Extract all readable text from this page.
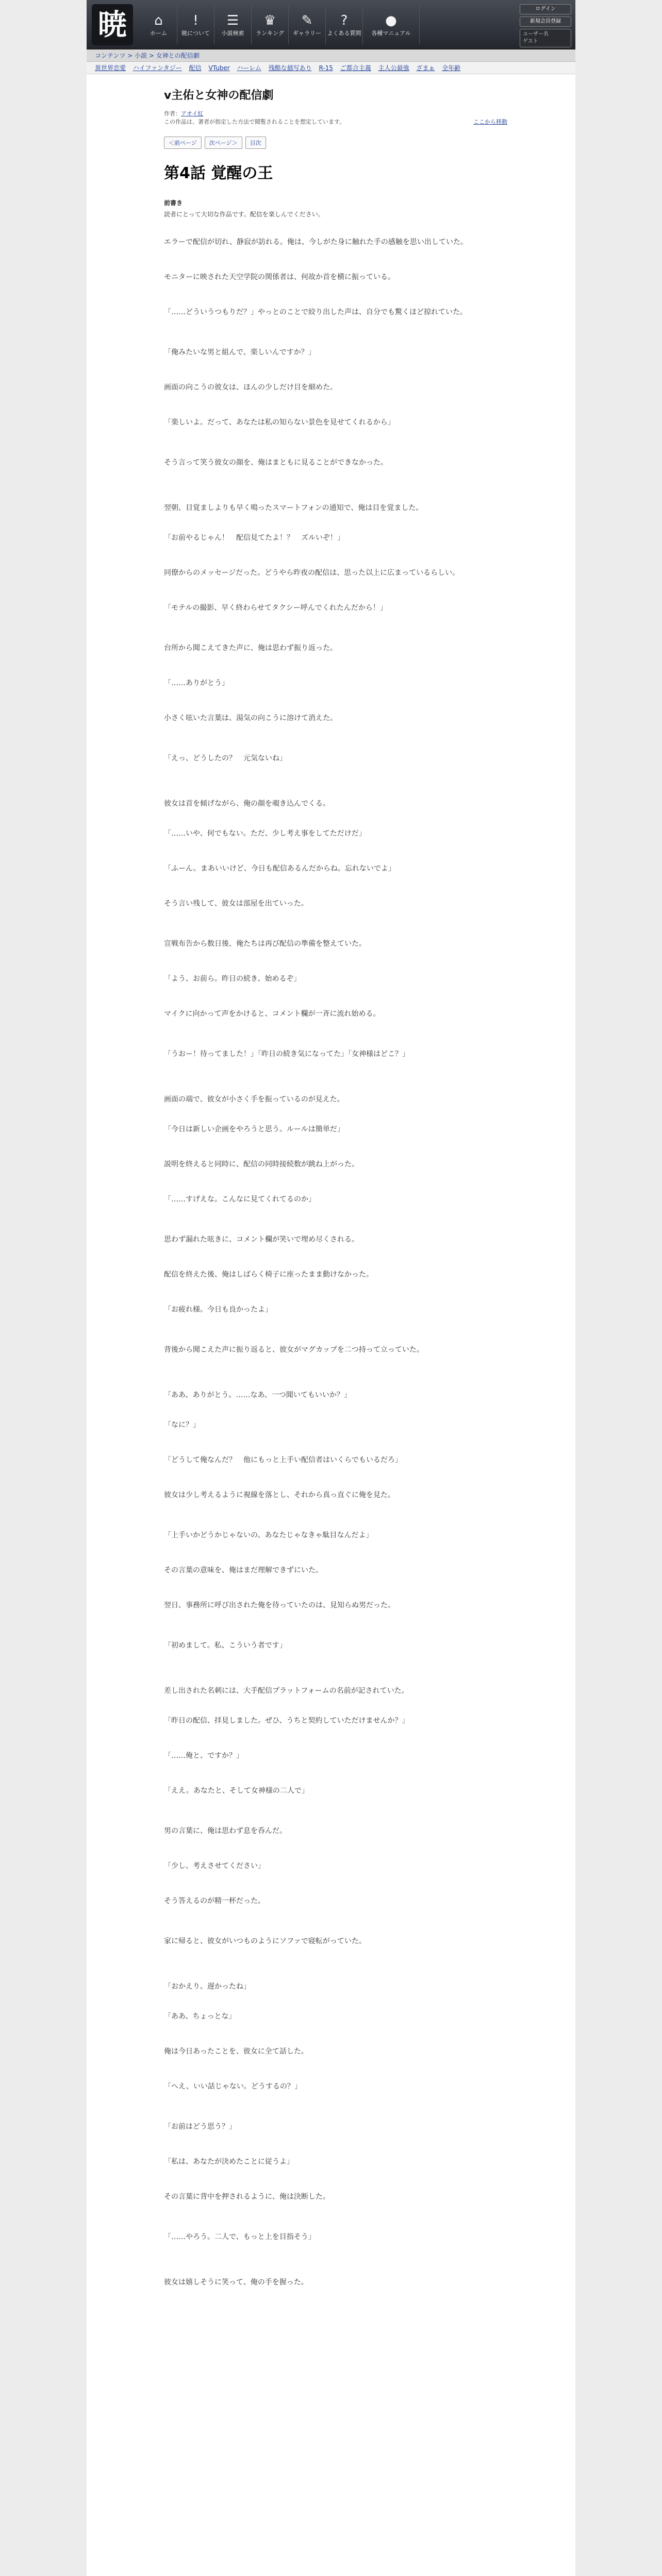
暁	⌂
ホーム
!
暁について
☰
小説検索
♛
ランキング
✎
ギャラリー
?
よくある質問
●
各種マニュアル
ログイン
新規会員登録
ユーザー名
ゲスト
コンテンツ > 小説 > 女神との配信劇
異世界恋愛 ハイファンタジー 配信 VTuber ハーレム 残酷な描写あり R-15 ご都合主義 主人公最強 ざまぁ 全年齢
ⅴ主佑と女神の配信劇
作者：アオイ紅
この作品は、著者が指定した方法で閲覧されることを想定しています。	ここから移動
＜前ページ	次ページ＞	目次
第4話 覚醒の王
前書き
読者にとって大切な作品です。配信を楽しんでください。
エラーで配信が切れ、静寂が訪れる。俺は、今しがた身に触れた手の感触を思い出していた。
モニターに映された天空学院の関係者は、何故か首を横に振っている。
「……どういうつもりだ？」やっとのことで絞り出した声は、自分でも驚くほど掠れていた。
「俺みたいな男と組んで、楽しいんですか？」
画面の向こうの彼女は、ほんの少しだけ目を細めた。
「楽しいよ。だって、あなたは私の知らない景色を見せてくれるから」
そう言って笑う彼女の顔を、俺はまともに見ることができなかった。
翌朝、目覚ましよりも早く鳴ったスマートフォンの通知で、俺は目を覚ました。
「お前やるじゃん！　配信見てたよ！？　ズルいぞ！」
同僚からのメッセージだった。どうやら昨夜の配信は、思った以上に広まっているらしい。
「モテルの撮影、早く終わらせてタクシー呼んでくれたんだから！」
台所から聞こえてきた声に、俺は思わず振り返った。
「……ありがとう」
小さく呟いた言葉は、湯気の向こうに溶けて消えた。
「えっ、どうしたの？　元気ないね」
彼女は首を傾げながら、俺の顔を覗き込んでくる。
「……いや、何でもない。ただ、少し考え事をしてただけだ」
「ふーん。まあいいけど、今日も配信あるんだからね。忘れないでよ」
そう言い残して、彼女は部屋を出ていった。
宣戦布告から数日後、俺たちは再び配信の準備を整えていた。
「よう、お前ら。昨日の続き、始めるぞ」
マイクに向かって声をかけると、コメント欄が一斉に流れ始める。
「うおー！待ってました！」「昨日の続き気になってた」「女神様はどこ？」
画面の端で、彼女が小さく手を振っているのが見えた。
「今日は新しい企画をやろうと思う。ルールは簡単だ」
説明を終えると同時に、配信の同時接続数が跳ね上がった。
「……すげえな。こんなに見てくれてるのか」
思わず漏れた呟きに、コメント欄が笑いで埋め尽くされる。
配信を終えた後、俺はしばらく椅子に座ったまま動けなかった。
「お疲れ様。今日も良かったよ」
背後から聞こえた声に振り返ると、彼女がマグカップを二つ持って立っていた。
「ああ、ありがとう。……なあ、一つ聞いてもいいか？」
「なに？」
「どうして俺なんだ？　他にもっと上手い配信者はいくらでもいるだろ」
彼女は少し考えるように視線を落とし、それから真っ直ぐに俺を見た。
「上手いかどうかじゃないの。あなたじゃなきゃ駄目なんだよ」
その言葉の意味を、俺はまだ理解できずにいた。
翌日、事務所に呼び出された俺を待っていたのは、見知らぬ男だった。
「初めまして。私、こういう者です」
差し出された名刺には、大手配信プラットフォームの名前が記されていた。
「昨日の配信、拝見しました。ぜひ、うちと契約していただけませんか？」
「……俺と、ですか？」
「ええ。あなたと、そして女神様の二人で」
男の言葉に、俺は思わず息を呑んだ。
「少し、考えさせてください」
そう答えるのが精一杯だった。
家に帰ると、彼女がいつものようにソファで寝転がっていた。
「おかえり。遅かったね」
「ああ、ちょっとな」
俺は今日あったことを、彼女に全て話した。
「へえ、いい話じゃない。どうするの？」
「お前はどう思う？」
「私は、あなたが決めたことに従うよ」
その言葉に背中を押されるように、俺は決断した。
「……やろう。二人で、もっと上を目指そう」
彼女は嬉しそうに笑って、俺の手を握った。
